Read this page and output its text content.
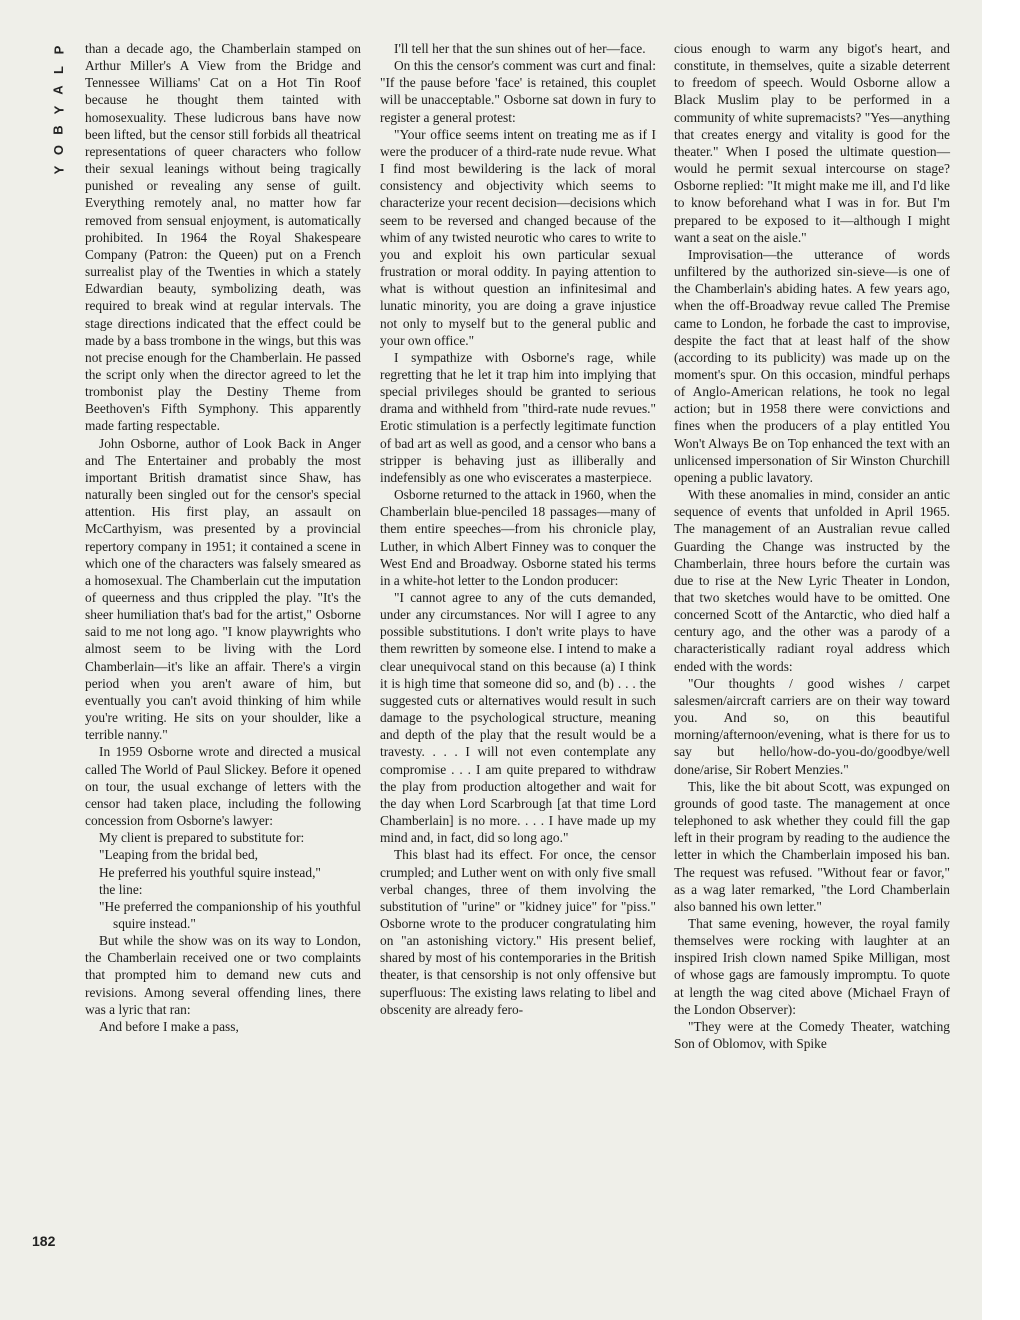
P
L
A
Y
B
O
Y

than a decade ago, the Chamberlain stamped on Arthur Miller's A View from the Bridge and Tennessee Williams' Cat on a Hot Tin Roof because he thought them tainted with homosexuality. These ludicrous bans have now been lifted, but the censor still forbids all theatrical representations of queer characters who follow their sexual leanings without being tragically punished or revealing any sense of guilt. Everything remotely anal, no matter how far removed from sensual enjoyment, is automatically prohibited. In 1964 the Royal Shakespeare Company (Patron: the Queen) put on a French surrealist play of the Twenties in which a stately Edwardian beauty, symbolizing death, was required to break wind at regular intervals. The stage directions indicated that the effect could be made by a bass trombone in the wings, but this was not precise enough for the Chamberlain. He passed the script only when the director agreed to let the trombonist play the Destiny Theme from Beethoven's Fifth Symphony. This apparently made farting respectable.

John Osborne, author of Look Back in Anger and The Entertainer and probably the most important British dramatist since Shaw, has naturally been singled out for the censor's special attention. His first play, an assault on McCarthyism, was presented by a provincial repertory company in 1951; it contained a scene in which one of the characters was falsely smeared as a homosexual. The Chamberlain cut the imputation of queerness and thus crippled the play. "It's the sheer humiliation that's bad for the artist," Osborne said to me not long ago. "I know playwrights who almost seem to be living with the Lord Chamberlain—it's like an affair. There's a virgin period when you aren't aware of him, but eventually you can't avoid thinking of him while you're writing. He sits on your shoulder, like a terrible nanny."

In 1959 Osborne wrote and directed a musical called The World of Paul Slickey. Before it opened on tour, the usual exchange of letters with the censor had taken place, including the following concession from Osborne's lawyer:

My client is prepared to substitute for:

"Leaping from the bridal bed,

He preferred his youthful squire instead,"

the line:

"He preferred the companionship of his youthful squire instead."

But while the show was on its way to London, the Chamberlain received one or two complaints that prompted him to demand new cuts and revisions. Among several offending lines, there was a lyric that ran:

And before I make a pass,

I'll tell her that the sun shines out of her—face.

On this the censor's comment was curt and final: "If the pause before 'face' is retained, this couplet will be unacceptable." Osborne sat down in fury to register a general protest:

"Your office seems intent on treating me as if I were the producer of a third-rate nude revue. What I find most bewildering is the lack of moral consistency and objectivity which seems to characterize your recent decision—decisions which seem to be reversed and changed because of the whim of any twisted neurotic who cares to write to you and exploit his own particular sexual frustration or moral oddity. In paying attention to what is without question an infinitesimal and lunatic minority, you are doing a grave injustice not only to myself but to the general public and your own office."

I sympathize with Osborne's rage, while regretting that he let it trap him into implying that special privileges should be granted to serious drama and withheld from "third-rate nude revues." Erotic stimulation is a perfectly legitimate function of bad art as well as good, and a censor who bans a stripper is behaving just as illiberally and indefensibly as one who eviscerates a masterpiece.

Osborne returned to the attack in 1960, when the Chamberlain blue-penciled 18 passages—many of them entire speeches—from his chronicle play, Luther, in which Albert Finney was to conquer the West End and Broadway. Osborne stated his terms in a white-hot letter to the London producer:

"I cannot agree to any of the cuts demanded, under any circumstances. Nor will I agree to any possible substitutions. I don't write plays to have them rewritten by someone else. I intend to make a clear unequivocal stand on this because (a) I think it is high time that someone did so, and (b) . . . the suggested cuts or alternatives would result in such damage to the psychological structure, meaning and depth of the play that the result would be a travesty. . . . I will not even contemplate any compromise . . . I am quite prepared to withdraw the play from production altogether and wait for the day when Lord Scarbrough [at that time Lord Chamberlain] is no more. . . . I have made up my mind and, in fact, did so long ago."

This blast had its effect. For once, the censor crumpled; and Luther went on with only five small verbal changes, three of them involving the substitution of "urine" or "kidney juice" for "piss." Osborne wrote to the producer congratulating him on "an astonishing victory." His present belief, shared by most of his contemporaries in the British theater, is that censorship is not only offensive but superfluous: The existing laws relating to libel and obscenity are already fero-

cious enough to warm any bigot's heart, and constitute, in themselves, quite a sizable deterrent to freedom of speech. Would Osborne allow a Black Muslim play to be performed in a community of white supremacists? "Yes—anything that creates energy and vitality is good for the theater." When I posed the ultimate question—would he permit sexual intercourse on stage? Osborne replied: "It might make me ill, and I'd like to know beforehand what I was in for. But I'm prepared to be exposed to it—although I might want a seat on the aisle."

Improvisation—the utterance of words unfiltered by the authorized sin-sieve—is one of the Chamberlain's abiding hates. A few years ago, when the off-Broadway revue called The Premise came to London, he forbade the cast to improvise, despite the fact that at least half of the show (according to its publicity) was made up on the moment's spur. On this occasion, mindful perhaps of Anglo-American relations, he took no legal action; but in 1958 there were convictions and fines when the producers of a play entitled You Won't Always Be on Top enhanced the text with an unlicensed impersonation of Sir Winston Churchill opening a public lavatory.

With these anomalies in mind, consider an antic sequence of events that unfolded in April 1965. The management of an Australian revue called Guarding the Change was instructed by the Chamberlain, three hours before the curtain was due to rise at the New Lyric Theater in London, that two sketches would have to be omitted. One concerned Scott of the Antarctic, who died half a century ago, and the other was a parody of a characteristically radiant royal address which ended with the words:

"Our thoughts / good wishes / carpet salesmen/aircraft carriers are on their way toward you. And so, on this beautiful morning/afternoon/evening, what is there for us to say but hello/how-do-you-do/goodbye/well done/arise, Sir Robert Menzies."

This, like the bit about Scott, was expunged on grounds of good taste. The management at once telephoned to ask whether they could fill the gap left in their program by reading to the audience the letter in which the Chamberlain imposed his ban. The request was refused. "Without fear or favor," as a wag later remarked, "the Lord Chamberlain also banned his own letter."

That same evening, however, the royal family themselves were rocking with laughter at an inspired Irish clown named Spike Milligan, most of whose gags are famously impromptu. To quote at length the wag cited above (Michael Frayn of the London Observer):

"They were at the Comedy Theater, watching Son of Oblomov, with Spike

182
